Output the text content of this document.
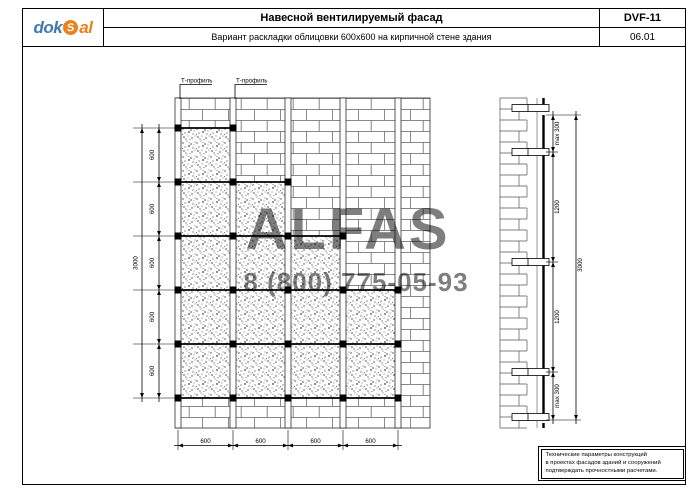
dok S al	Навесной вентилируемый фасад
Вариант раскладки облицовки 600x600 на кирпичной стене здания
DVF-11
06.01
Т-профиль	Т-профиль
600
600
600
600
600
3000
600	600	600	600
max 300
1200
1200
max 300
3000
ALFAS
8 (800) 775-05-93
Технические параметры конструкций
в проектах фасадов зданий и сооружений
подтверждать прочностными расчетами.
